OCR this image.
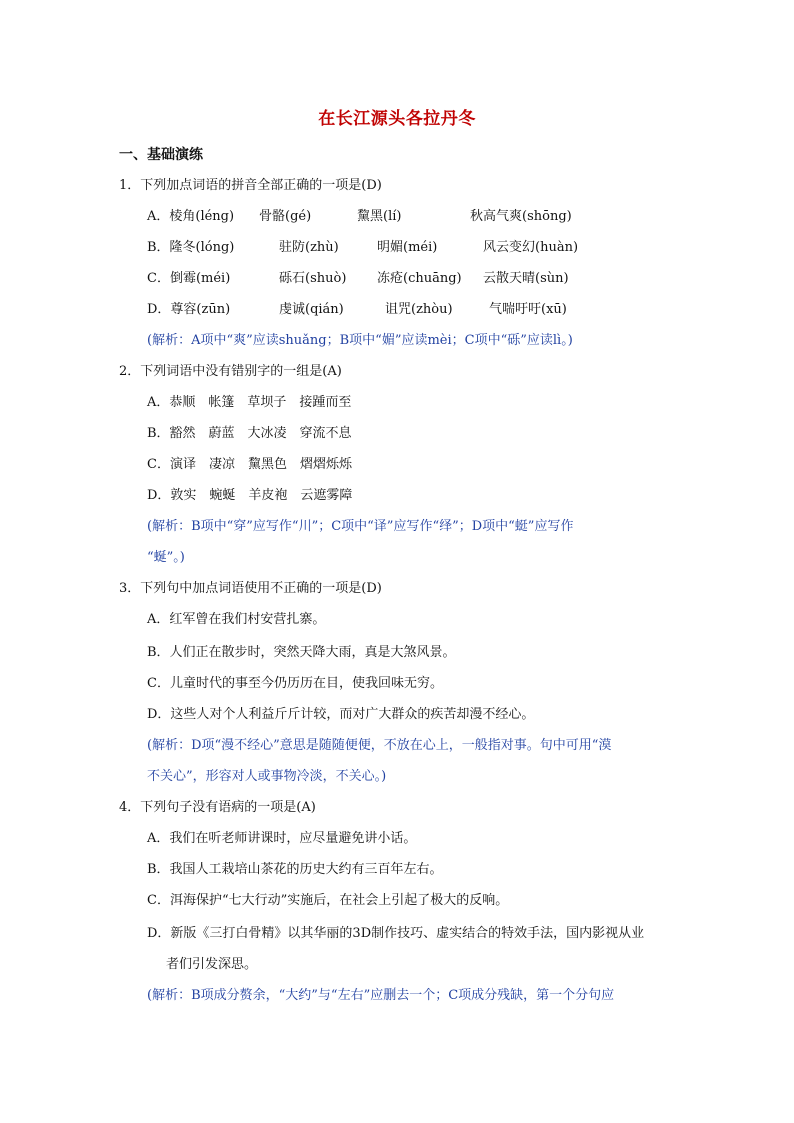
在长江源头各拉丹冬
一、基础演练
1．下列加点词语的拼音全部正确的一项是(D)
A．棱角(léng) 骨骼(gé)	黧黑(lí)	秋高气爽(shōng)
B．隆冬(lóng)	驻防(zhù)	明媚(méi)	风云变幻(huàn)
C．倒霉(méi)	砾石(shuò) 冻疮(chuāng) 云散天晴(sùn)
D．尊容(zūn)	虔诚(qián)	诅咒(zhòu)	气喘吁吁(xū)
(解析：A项中“爽”应读shuǎng；B项中“媚”应读mèi；C项中“砾”应读lì。)
2．下列词语中没有错别字的一组是(A)
A．恭顺　帐篷　草坝子　接踵而至
B．豁然　蔚蓝　大冰凌　穿流不息
C．演译　凄凉　黧黑色　熠熠烁烁
D．敦实　蜿蜒　羊皮袍　云遮雾障
(解析：B项中“穿”应写作“川”；C项中“译”应写作“绎”；D项中“蜓”应写作
“蜒”。)
3．下列句中加点词语使用不正确的一项是(D)
A．红军曾在我们村安营扎寨。
B．人们正在散步时，突然天降大雨，真是大煞风景。
C．儿童时代的事至今仍历历在目，使我回味无穷。
D．这些人对个人利益斤斤计较，而对广大群众的疾苦却漫不经心。
(解析：D项“漫不经心”意思是随随便便，不放在心上，一般指对事。句中可用“漠
不关心”，形容对人或事物冷淡，不关心。)
4．下列句子没有语病的一项是(A)
A．我们在听老师讲课时，应尽量避免讲小话。
B．我国人工栽培山茶花的历史大约有三百年左右。
C．洱海保护“七大行动”实施后，在社会上引起了极大的反响。
D．新版《三打白骨精》以其华丽的3D制作技巧、虚实结合的特效手法，国内影视从业
者们引发深思。
(解析：B项成分赘余，“大约”与“左右”应删去一个；C项成分残缺，第一个分句应
